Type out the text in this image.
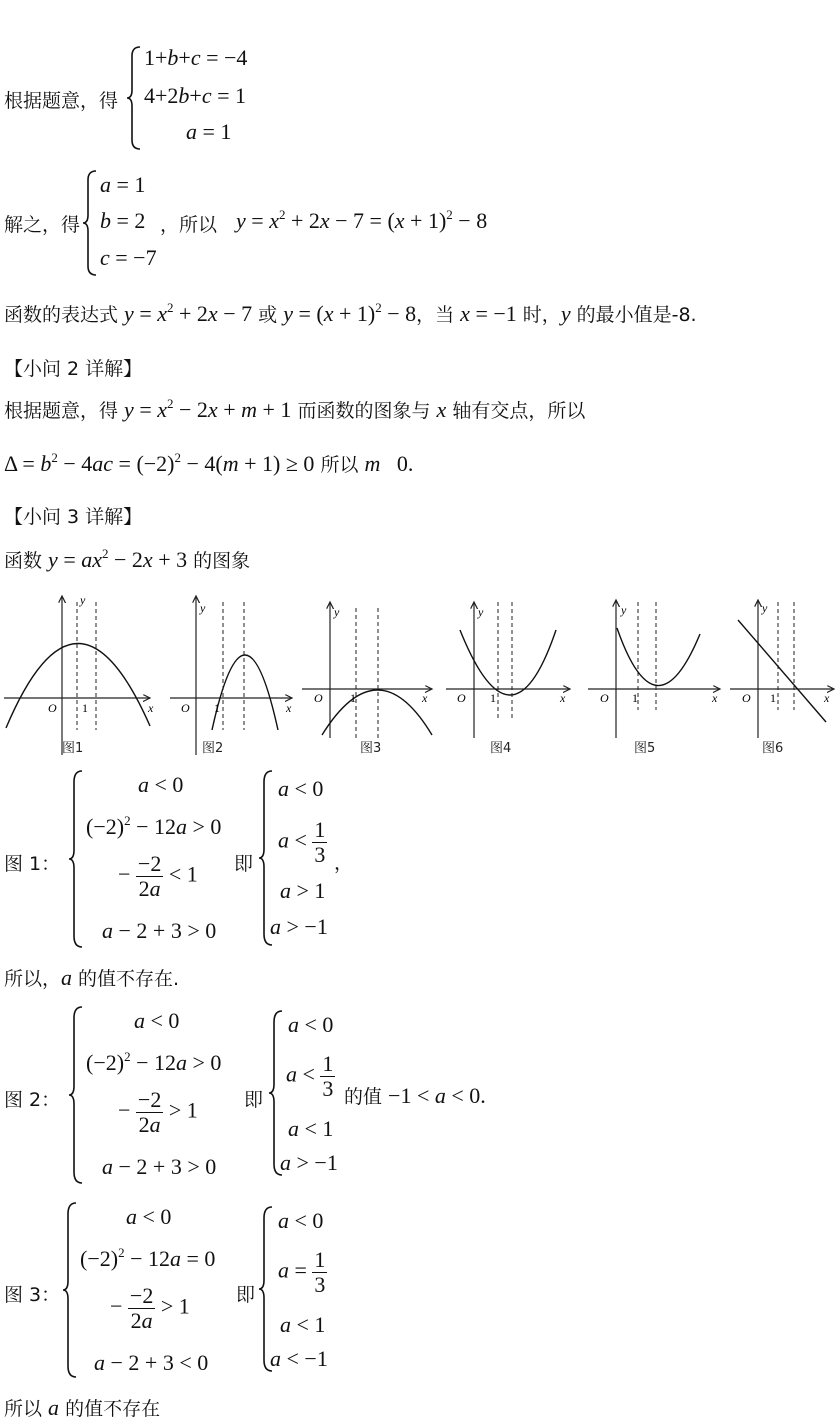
根据题意，得
1+b+c = −4
4+2b+c = 1
a = 1
解之，得
a = 1
b = 2
c = −7
，所以 $y = x^2 + 2x - 7 = (x + 1)^2 - 8$
函数的表达式 $y = x^2 + 2x - 7$ 或 $y = (x + 1)^2 - 8$，当 x = −1 时，y 的最小值是-8.
【小问 2 详解】
根据题意，得 $y = x^2 - 2x + m + 1$ 而函数的图象与 x 轴有交点，所以
$\Delta = b^2 - 4ac = (-2)^2 - 4(m + 1) \ge 0$ 所以 m   0.
【小问 3 详解】
函数 $y = ax^2 - 2x + 3$ 的图象
x
y
O 1
图1
x
y
O 1
图2
x
y
O 1
图3
x
y
O 1
图4
x
y
O 1
图5
x
y
O 1
图6
图 1：
a < 0
$(-2)^2 - 12a > 0$
− $\frac{-2}{2a} < 1$
a − 2 + 3 > 0
即
a < 0
$a < \frac{1}{3}$ ，
a > 1
a > −1
所以，a 的值不存在.
图 2：
a < 0
$(-2)^2 - 12a > 0$
− $\frac{-2}{2a} > 1$
a − 2 + 3 > 0
即
a < 0
$a < \frac{1}{3}$ 的值 −1 < a < 0.
a < 1
a > −1
图 3：
a < 0
$(-2)^2 - 12a = 0$
− $\frac{-2}{2a} > 1$
a − 2 + 3 < 0
即
a < 0
$a = \frac{1}{3}$
a < 1
a < −1
所以 a 的值不存在
